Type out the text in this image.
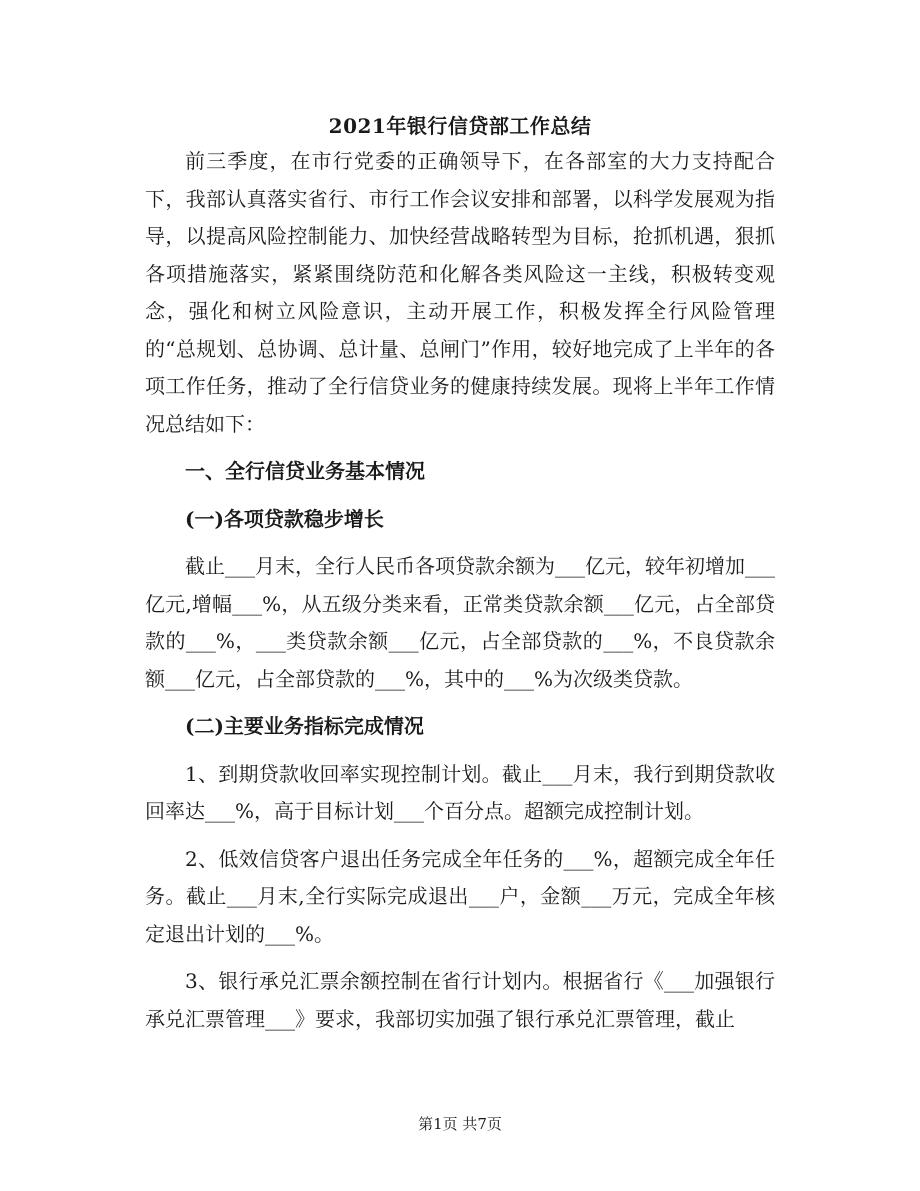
2021年银行信贷部工作总结

前三季度，在市行党委的正确领导下，在各部室的大力支持配合下，我部认真落实省行、市行工作会议安排和部署，以科学发展观为指导，以提高风险控制能力、加快经营战略转型为目标，抢抓机遇，狠抓各项措施落实，紧紧围绕防范和化解各类风险这一主线，积极转变观念，强化和树立风险意识，主动开展工作，积极发挥全行风险管理的“总规划、总协调、总计量、总闸门”作用，较好地完成了上半年的各项工作任务，推动了全行信贷业务的健康持续发展。现将上半年工作情况总结如下：

一、全行信贷业务基本情况

(一)各项贷款稳步增长

截止___月末，全行人民币各项贷款余额为___亿元，较年初增加___亿元,增幅___%，从五级分类来看，正常类贷款余额___亿元，占全部贷款的___%，___类贷款余额___亿元，占全部贷款的___%，不良贷款余额___亿元，占全部贷款的___%，其中的___%为次级类贷款。

(二)主要业务指标完成情况

1、到期贷款收回率实现控制计划。截止___月末，我行到期贷款收回率达___%，高于目标计划___个百分点。超额完成控制计划。

2、低效信贷客户退出任务完成全年任务的___%，超额完成全年任务。截止___月末,全行实际完成退出___户，金额___万元，完成全年核定退出计划的___%。

3、银行承兑汇票余额控制在省行计划内。根据省行《___加强银行承兑汇票管理___》要求，我部切实加强了银行承兑汇票管理，截止

第1页 共7页
